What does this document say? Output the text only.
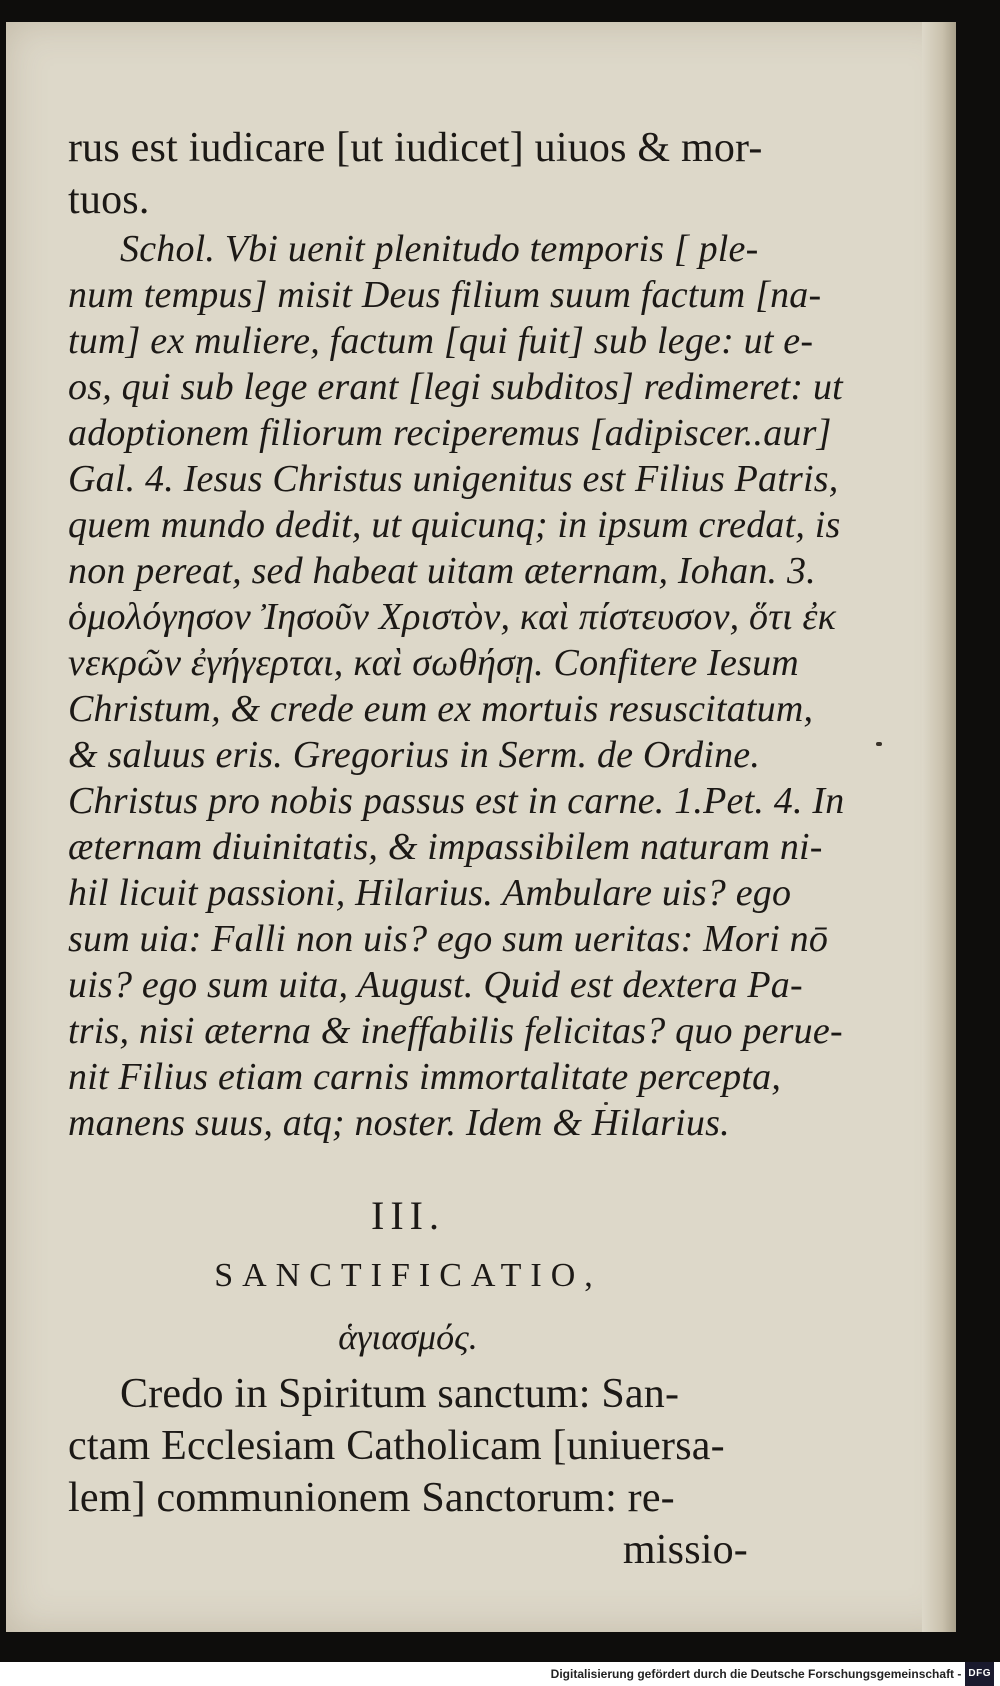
rus est iudicare [ut iudicet] uiuos & mor-
tuos.
Schol. Vbi uenit plenitudo temporis [ ple-
num tempus] misit Deus filium suum factum [na-
tum] ex muliere, factum [qui fuit] sub lege: ut e-
os, qui sub lege erant [legi subditos] redimeret: ut
adoptionem filiorum reciperemus [adipiscer..aur]
Gal. 4. Iesus Christus unigenitus est Filius Patris,
quem mundo dedit, ut quicunq; in ipsum credat, is
non pereat, sed habeat uitam æternam, Iohan. 3.
ὁμολόγησον Ἰησοῦν Χριστὸν, καὶ πίστευσον, ὅτι ἐκ
νεκρῶν ἐγήγερται, καὶ σωθήσῃ. Confitere Iesum
Christum, & crede eum ex mortuis resuscitatum,
& saluus eris. Gregorius in Serm. de Ordine.
Christus pro nobis passus est in carne. 1.Pet. 4. In
æternam diuinitatis, & impassibilem naturam ni-
hil licuit passioni, Hilarius. Ambulare uis? ego
sum uia: Falli non uis? ego sum ueritas: Mori nō
uis? ego sum uita, August. Quid est dextera Pa-
tris, nisi æterna & ineffabilis felicitas? quo perue-
nit Filius etiam carnis immortalitate percepta,
manens suus, atq; noster. Idem & Hilarius.
III.
SANCTIFICATIO,
ἁγιασμός.
Credo in Spiritum sanctum: San-
ctam Ecclesiam Catholicam [uniuersa-
lem] communionem Sanctorum: re-
missio-
Digitalisierung gefördert durch die Deutsche Forschungsgemeinschaft - DFG
